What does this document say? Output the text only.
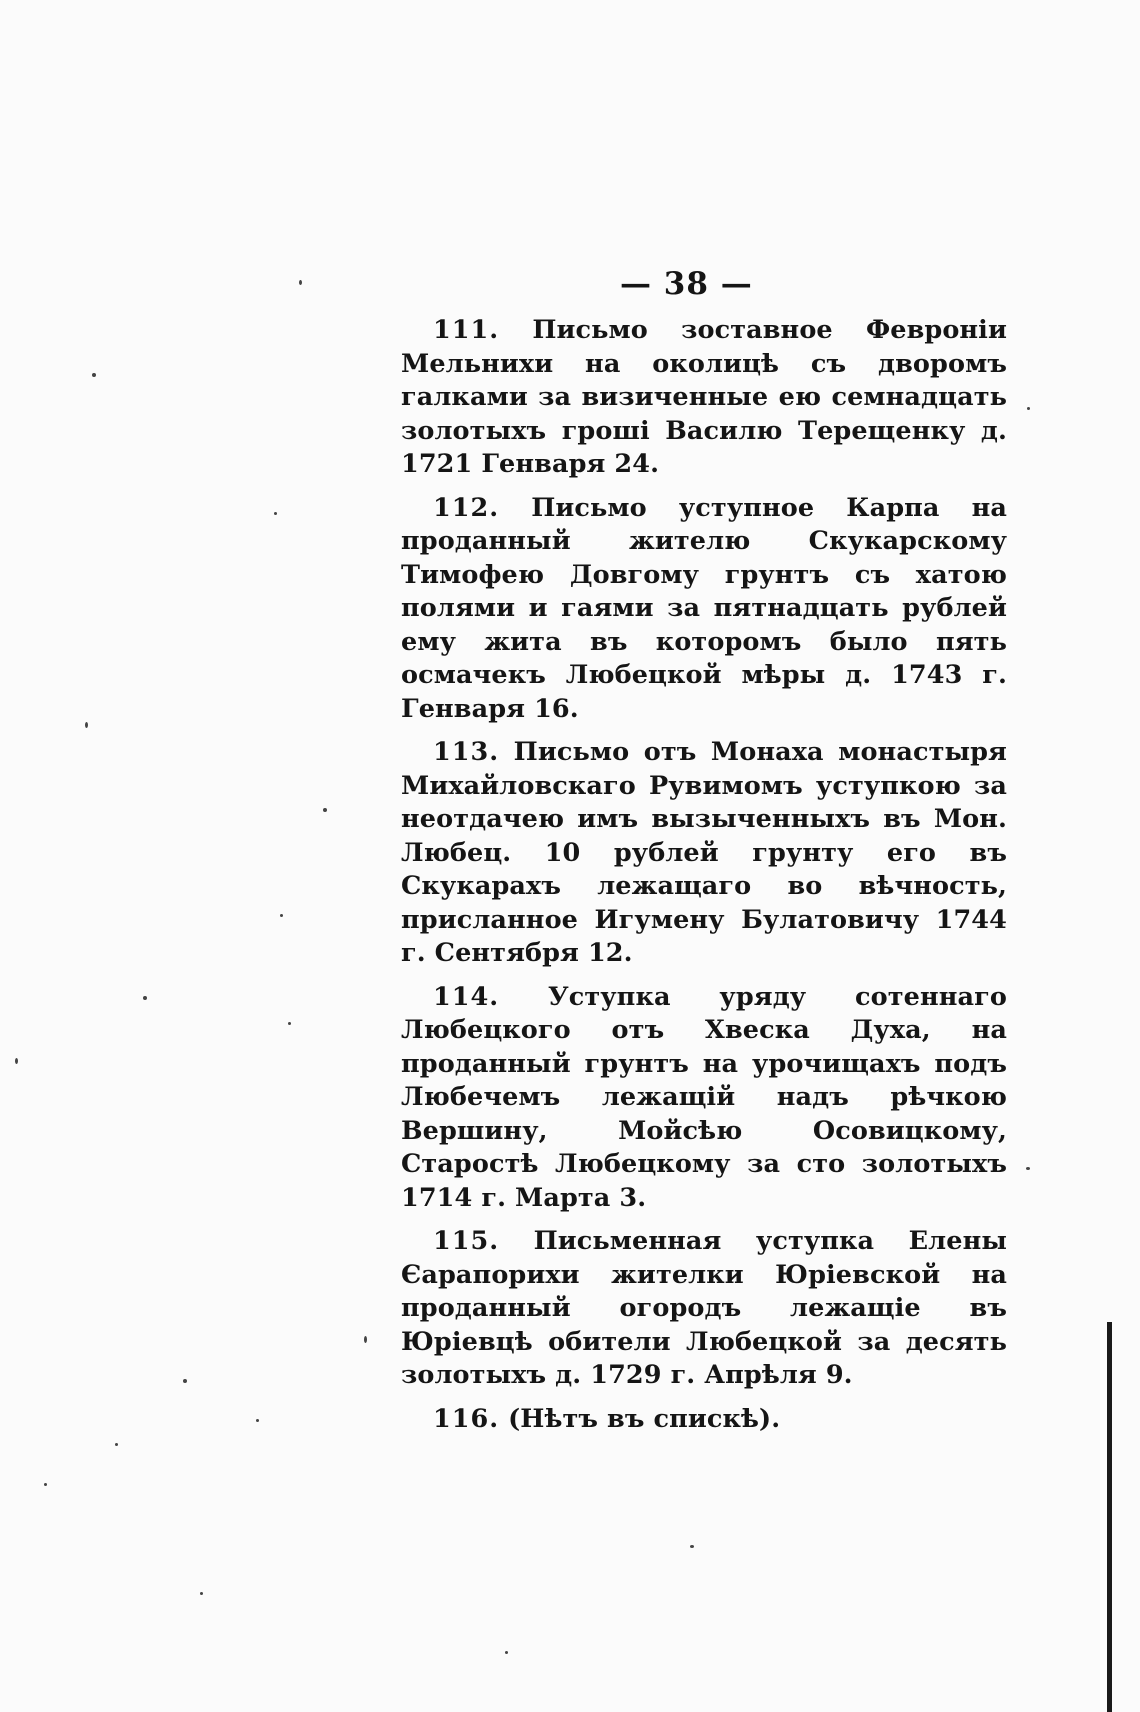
— 38 —

111. Письмо зоставное Февронiи Мельнихи на околицѣ съ дворомъ галками за визиченные ею семнадцать золотыхъ грошi Василю Терещенку д. 1721 Генваря 24.

112. Письмо уступное Карпа на проданный жителю Скукарскому Тимофею Довгому грунтъ съ хатою полями и гаями за пятнадцать рублей ему жита въ которомъ было пять осмачекъ Любецкой мѣры д. 1743 г. Генваря 16.

113. Письмо отъ Монаха монастыря Михайловскаго Рувимомъ уступкою за неотдачею имъ вызыченныхъ въ Мон. Любец. 10 рублей грунту его въ Скукарахъ лежащаго во вѣчность, присланное Игумену Булатовичу 1744 г. Сентября 12.

114. Уступка уряду сотеннаго Любецкого отъ Хвеска Духа, на проданный грунтъ на урочищахъ подъ Любечемъ лежащiй надъ рѣчкою Вершину, Мойсѣю Осовицкому, Старостѣ Любецкому за сто золотыхъ 1714 г. Марта 3.

115. Письменная уступка Елены Єарапорихи жителки Юрiевской на проданный огородъ лежащiе въ Юрiевцѣ обители Любецкой за десять золотыхъ д. 1729 г. Апрѣля 9.

116. (Нѣтъ въ спискѣ).
